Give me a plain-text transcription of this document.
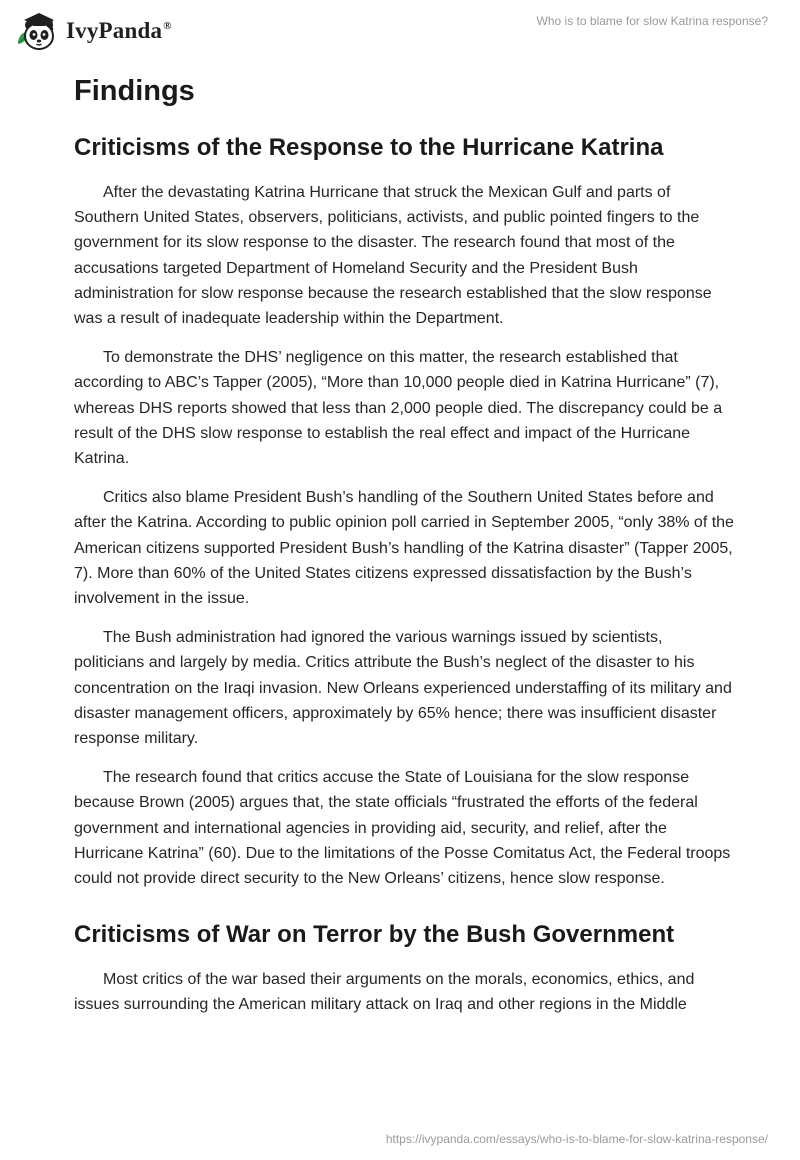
IvyPanda®	Who is to blame for slow Katrina response?
Findings
Criticisms of the Response to the Hurricane Katrina

After the devastating Katrina Hurricane that struck the Mexican Gulf and parts of Southern United States, observers, politicians, activists, and public pointed fingers to the government for its slow response to the disaster. The research found that most of the accusations targeted Department of Homeland Security and the President Bush administration for slow response because the research established that the slow response was a result of inadequate leadership within the Department.

To demonstrate the DHS’ negligence on this matter, the research established that according to ABC’s Tapper (2005), “More than 10,000 people died in Katrina Hurricane” (7), whereas DHS reports showed that less than 2,000 people died. The discrepancy could be a result of the DHS slow response to establish the real effect and impact of the Hurricane Katrina.

Critics also blame President Bush’s handling of the Southern United States before and after the Katrina. According to public opinion poll carried in September 2005, “only 38% of the American citizens supported President Bush’s handling of the Katrina disaster” (Tapper 2005, 7). More than 60% of the United States citizens expressed dissatisfaction by the Bush’s involvement in the issue.

The Bush administration had ignored the various warnings issued by scientists, politicians and largely by media. Critics attribute the Bush’s neglect of the disaster to his concentration on the Iraqi invasion. New Orleans experienced understaffing of its military and disaster management officers, approximately by 65% hence; there was insufficient disaster response military.

The research found that critics accuse the State of Louisiana for the slow response because Brown (2005) argues that, the state officials “frustrated the efforts of the federal government and international agencies in providing aid, security, and relief, after the Hurricane Katrina” (60). Due to the limitations of the Posse Comitatus Act, the Federal troops could not provide direct security to the New Orleans’ citizens, hence slow response.

Criticisms of War on Terror by the Bush Government

Most critics of the war based their arguments on the morals, economics, ethics, and issues surrounding the American military attack on Iraq and other regions in the Middle

https://ivypanda.com/essays/who-is-to-blame-for-slow-katrina-response/
